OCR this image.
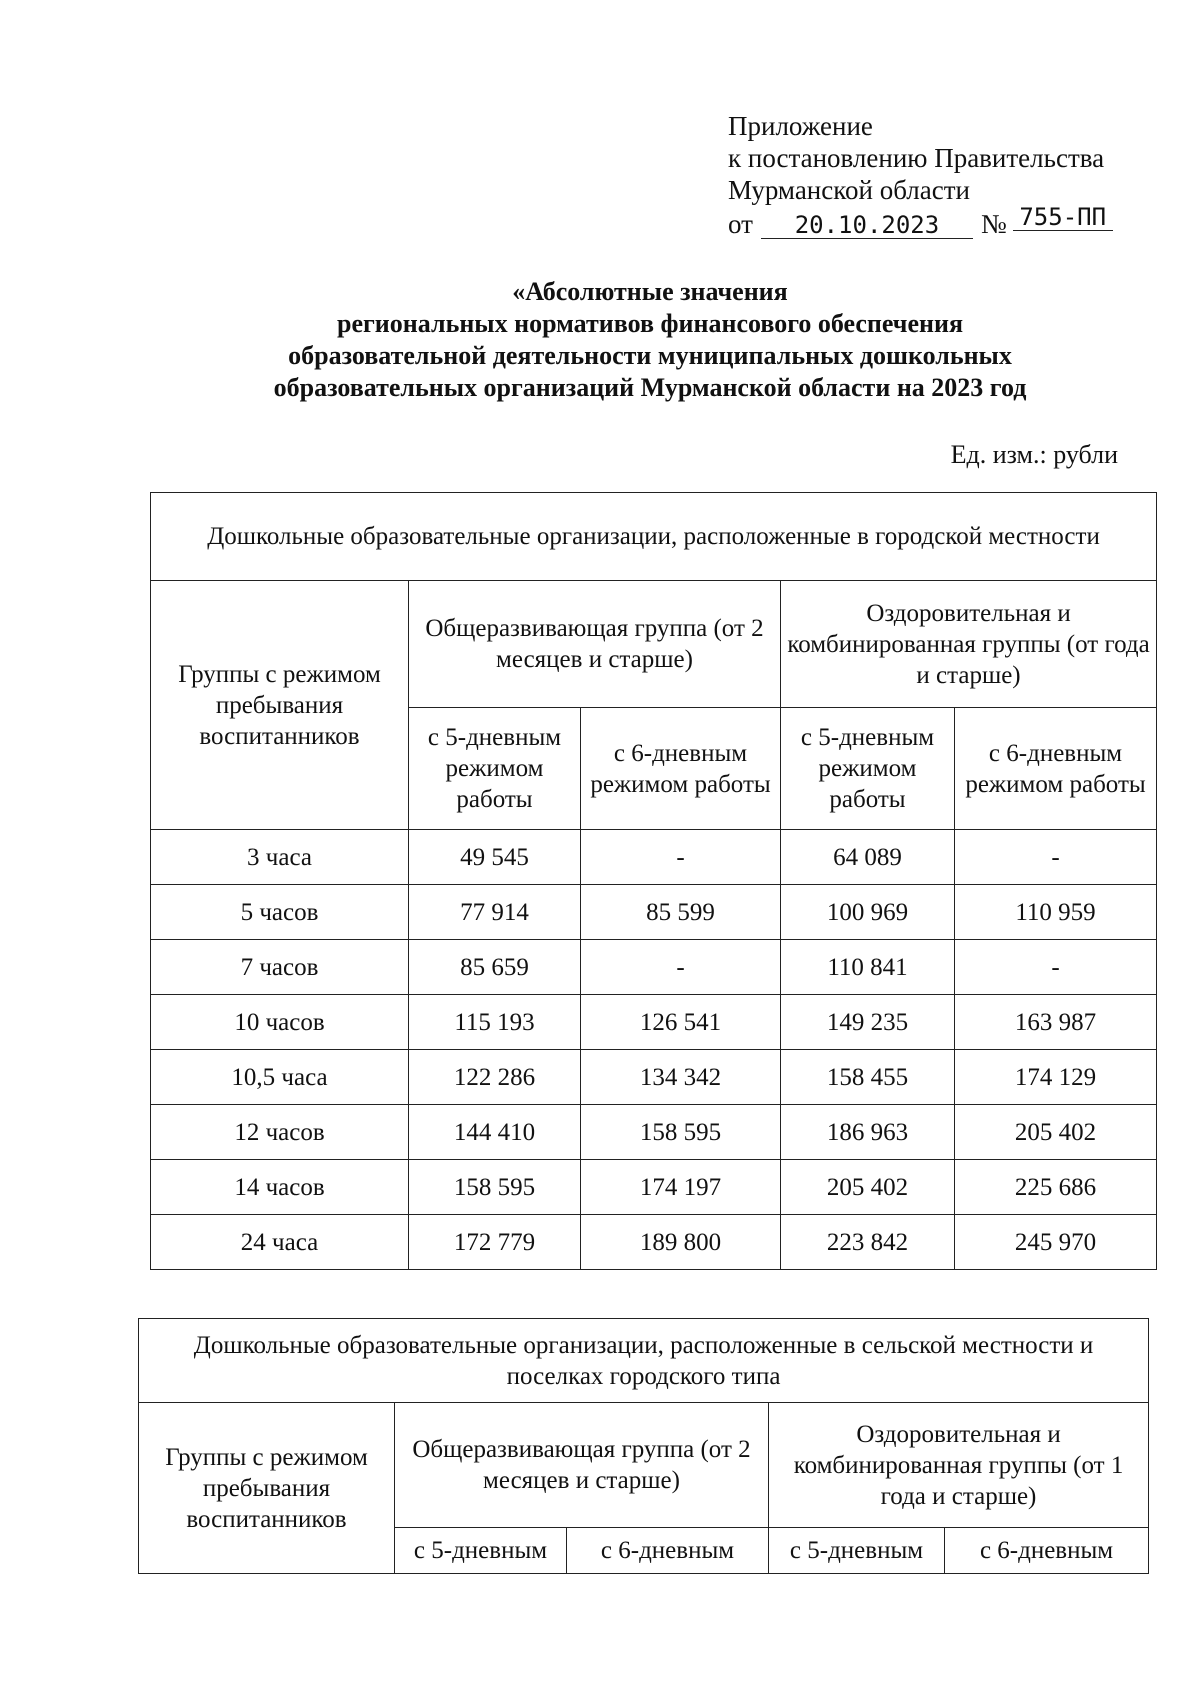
Приложение
к постановлению Правительства
Мурманской области
от 20.10.2023 № 755-ПП
«Абсолютные значения
региональных нормативов финансового обеспечения
образовательной деятельности муниципальных дошкольных
образовательных организаций Мурманской области на 2023 год
Ед. изм.: рубли
Дошкольные образовательные организации, расположенные в городской местности				
Группы с режимом пребывания воспитанников	Общеразвивающая группа (от 2 месяцев и старше)		Оздоровительная и комбинированная группы (от года и старше)	
	с 5-дневным режимом работы	с 6-дневным режимом работы	с 5-дневным режимом работы	с 6-дневным режимом работы
3 часа	49 545	-	64 089	-
5 часов	77 914	85 599	100 969	110 959
7 часов	85 659	-	110 841	-
10 часов	115 193	126 541	149 235	163 987
10,5 часа	122 286	134 342	158 455	174 129
12 часов	144 410	158 595	186 963	205 402
14 часов	158 595	174 197	205 402	225 686
24 часа	172 779	189 800	223 842	245 970
Дошкольные образовательные организации, расположенные в сельской местности и поселках городского типа				
Группы с режимом пребывания воспитанников	Общеразвивающая группа (от 2 месяцев и старше)		Оздоровительная и комбинированная группы (от 1 года и старше)	
	с 5-дневным	с 6-дневным	с 5-дневным	с 6-дневным
